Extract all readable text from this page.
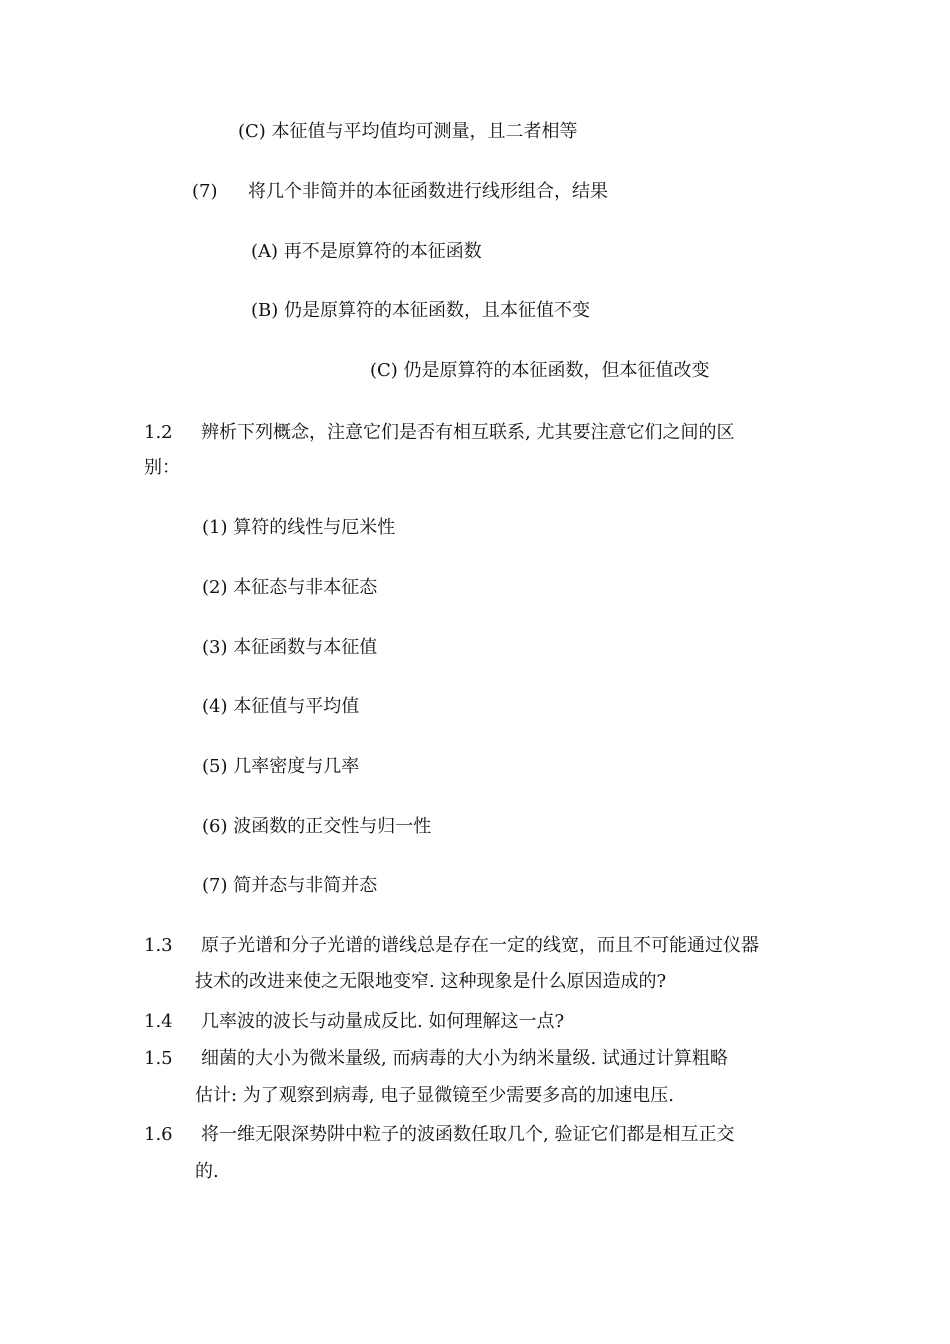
(C) 本征值与平均值均可测量，且二者相等
(7) 将几个非简并的本征函数进行线形组合，结果
(A) 再不是原算符的本征函数
(B) 仍是原算符的本征函数，且本征值不变
(C) 仍是原算符的本征函数，但本征值改变
1.2 辨析下列概念，注意它们是否有相互联系, 尤其要注意它们之间的区
别：
(1) 算符的线性与厄米性
(2) 本征态与非本征态
(3) 本征函数与本征值
(4) 本征值与平均值
(5) 几率密度与几率
(6) 波函数的正交性与归一性
(7) 简并态与非简并态
1.3 原子光谱和分子光谱的谱线总是存在一定的线宽，而且不可能通过仪器
技术的改进来使之无限地变窄. 这种现象是什么原因造成的?
1.4 几率波的波长与动量成反比. 如何理解这一点?
1.5 细菌的大小为微米量级, 而病毒的大小为纳米量级. 试通过计算粗略
估计: 为了观察到病毒, 电子显微镜至少需要多高的加速电压.
1.6 将一维无限深势阱中粒子的波函数任取几个, 验证它们都是相互正交
的.
